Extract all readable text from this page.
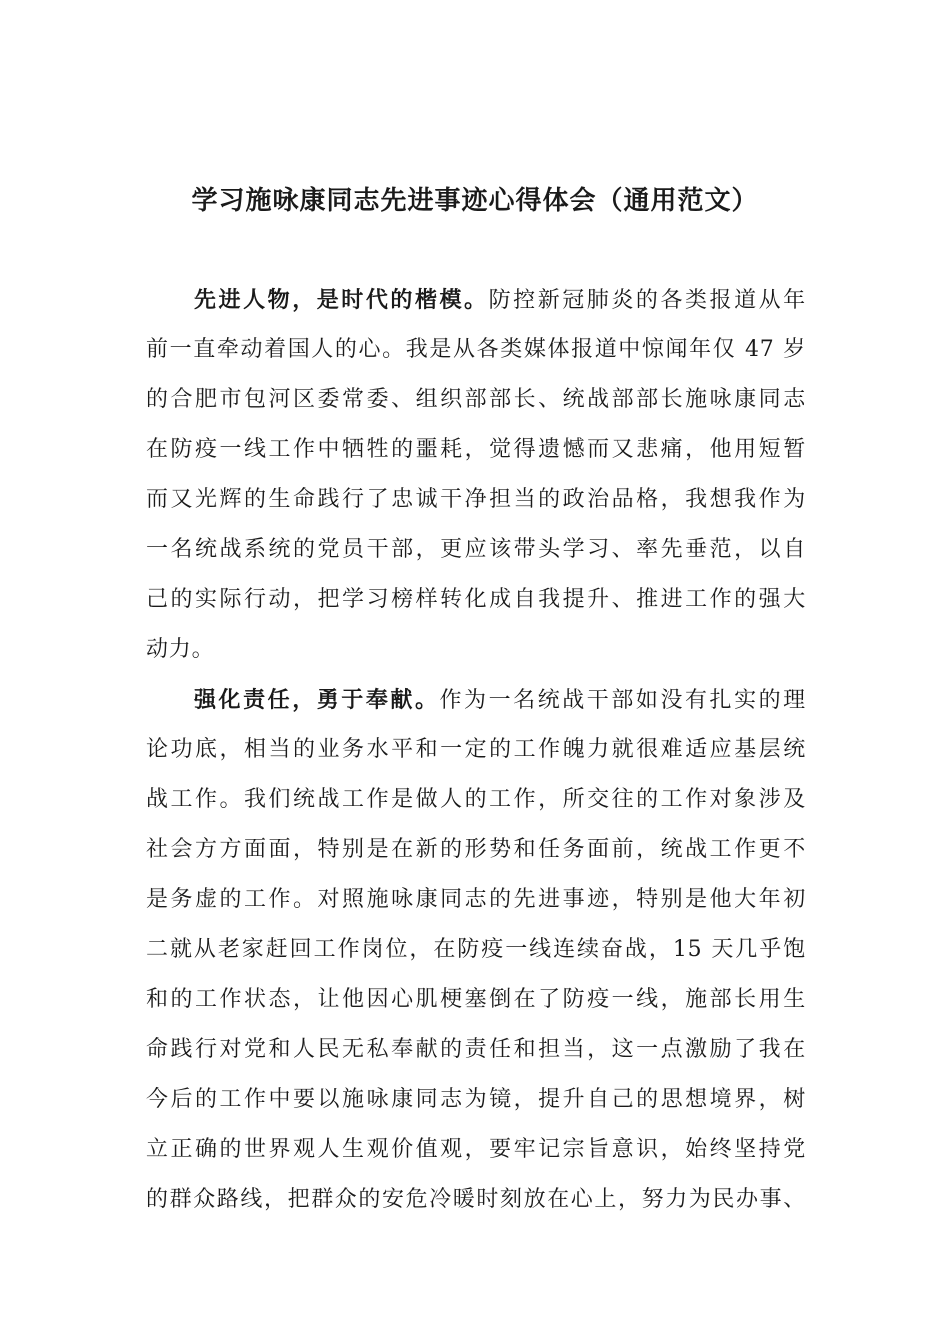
学习施咏康同志先进事迹心得体会（通用范文）
先进人物，是时代的楷模。防控新冠肺炎的各类报道从年
前一直牵动着国人的心。我是从各类媒体报道中惊闻年仅 47 岁
的合肥市包河区委常委、组织部部长、统战部部长施咏康同志
在防疫一线工作中牺牲的噩耗，觉得遗憾而又悲痛，他用短暂
而又光辉的生命践行了忠诚干净担当的政治品格，我想我作为
一名统战系统的党员干部，更应该带头学习、率先垂范，以自
己的实际行动，把学习榜样转化成自我提升、推进工作的强大
动力。
强化责任，勇于奉献。作为一名统战干部如没有扎实的理
论功底，相当的业务水平和一定的工作魄力就很难适应基层统
战工作。我们统战工作是做人的工作，所交往的工作对象涉及
社会方方面面，特别是在新的形势和任务面前，统战工作更不
是务虚的工作。对照施咏康同志的先进事迹，特别是他大年初
二就从老家赶回工作岗位，在防疫一线连续奋战，15 天几乎饱
和的工作状态，让他因心肌梗塞倒在了防疫一线，施部长用生
命践行对党和人民无私奉献的责任和担当，这一点激励了我在
今后的工作中要以施咏康同志为镜，提升自己的思想境界，树
立正确的世界观人生观价值观，要牢记宗旨意识，始终坚持党
的群众路线，把群众的安危冷暖时刻放在心上，努力为民办事、
